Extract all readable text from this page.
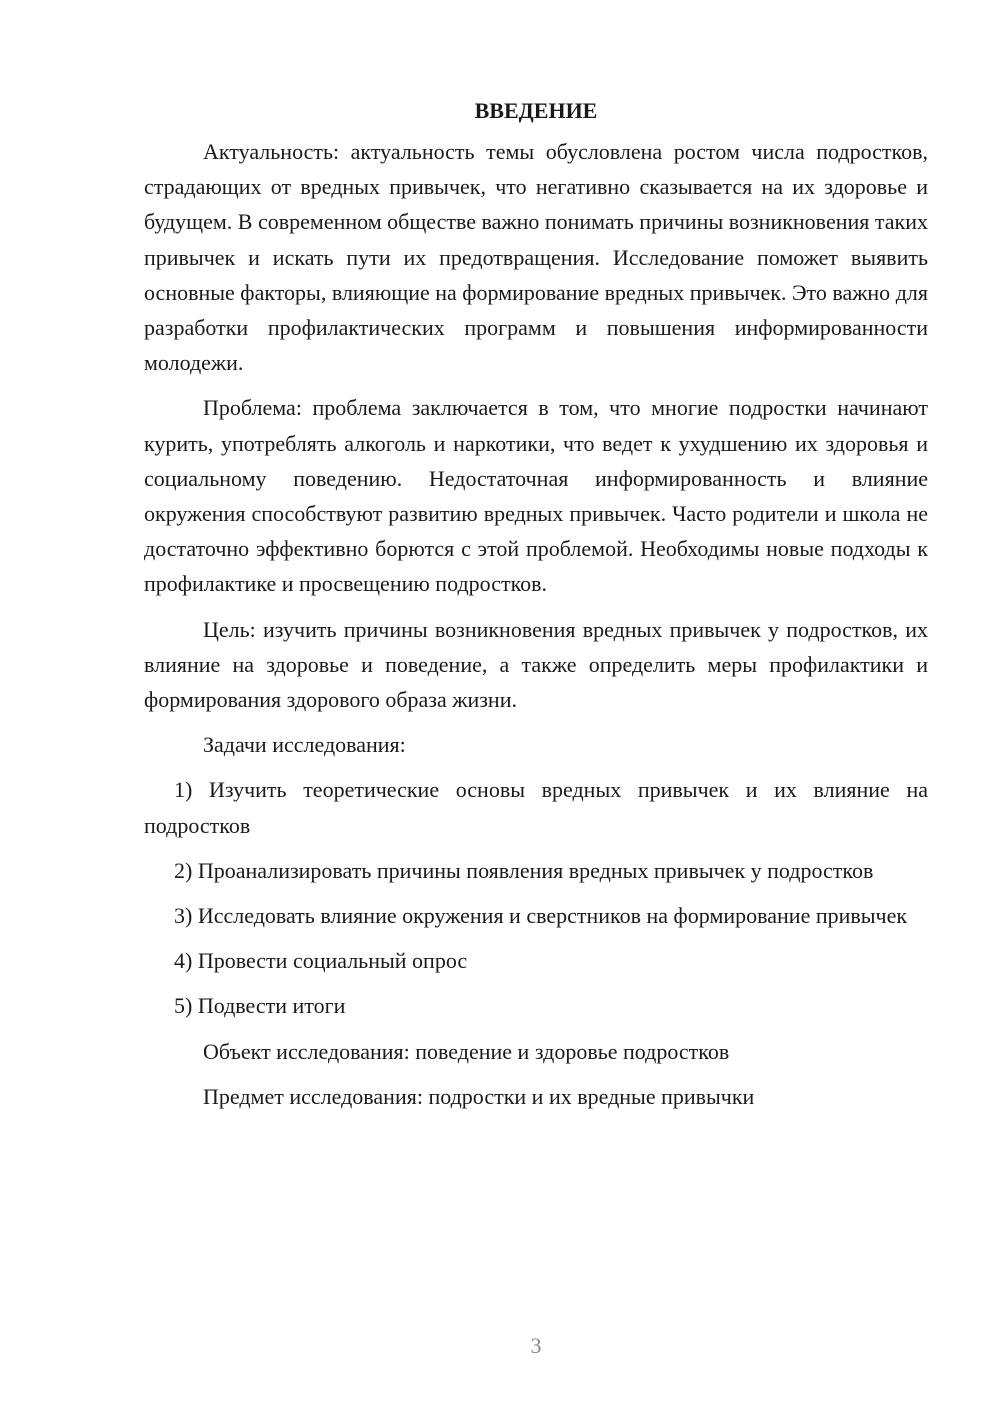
ВВЕДЕНИЕ

Актуальность: актуальность темы обусловлена ростом числа подростков, страдающих от вредных привычек, что негативно сказывается на их здоровье и будущем. В современном обществе важно понимать причины возникновения таких привычек и искать пути их предотвращения. Исследование поможет выявить основные факторы, влияющие на формирование вредных привычек. Это важно для разработки профилактических программ и повышения информированности молодежи.

Проблема: проблема заключается в том, что многие подростки начинают курить, употреблять алкоголь и наркотики, что ведет к ухудшению их здоровья и социальному поведению. Недостаточная информированность и влияние окружения способствуют развитию вредных привычек. Часто родители и школа не достаточно эффективно борются с этой проблемой. Необходимы новые подходы к профилактике и просвещению подростков.

Цель: изучить причины возникновения вредных привычек у подростков, их влияние на здоровье и поведение, а также определить меры профилактики и формирования здорового образа жизни.

Задачи исследования:

1) Изучить теоретические основы вредных привычек и их влияние на подростков

2) Проанализировать причины появления вредных привычек у подростков

3) Исследовать влияние окружения и сверстников на формирование привычек

4) Провести социальный опрос

5) Подвести итоги

Объект исследования: поведение и здоровье подростков

Предмет исследования: подростки и их вредные привычки

3
